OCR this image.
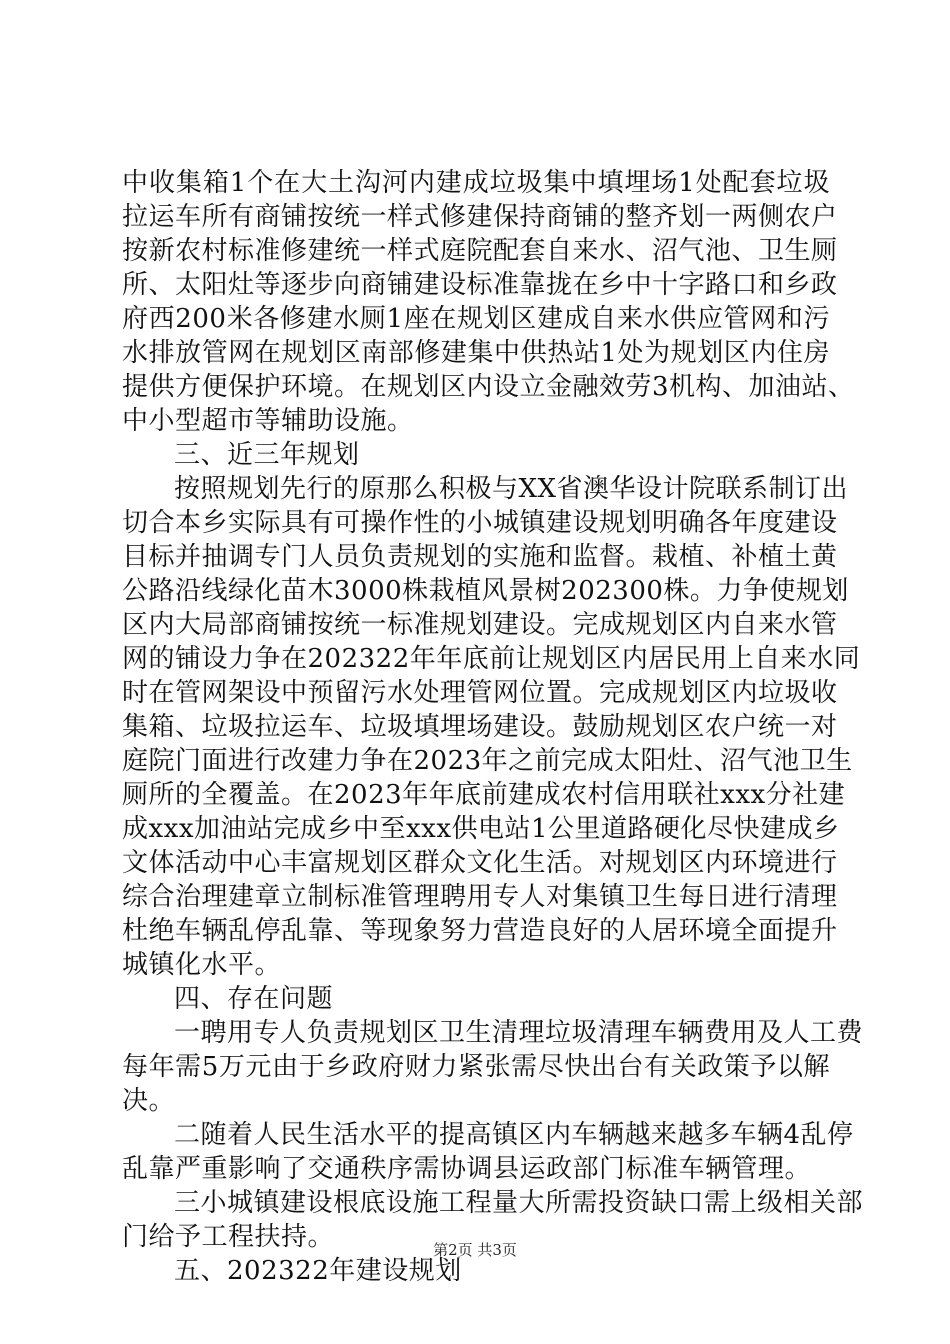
中收集箱1个在大土沟河内建成垃圾集中填埋场1处配套垃圾
拉运车所有商铺按统一样式修建保持商铺的整齐划一两侧农户
按新农村标准修建统一样式庭院配套自来水、沼气池、卫生厕
所、太阳灶等逐步向商铺建设标准靠拢在乡中十字路口和乡政
府西200米各修建水厕1座在规划区建成自来水供应管网和污
水排放管网在规划区南部修建集中供热站1处为规划区内住房
提供方便保护环境。在规划区内设立金融效劳3机构、加油站、
中小型超市等辅助设施。
三、近三年规划
按照规划先行的原那么积极与XX省澳华设计院联系制订出
切合本乡实际具有可操作性的小城镇建设规划明确各年度建设
目标并抽调专门人员负责规划的实施和监督。栽植、补植土黄
公路沿线绿化苗木3000株栽植风景树202300株。力争使规划
区内大局部商铺按统一标准规划建设。完成规划区内自来水管
网的铺设力争在202322年年底前让规划区内居民用上自来水同
时在管网架设中预留污水处理管网位置。完成规划区内垃圾收
集箱、垃圾拉运车、垃圾填埋场建设。鼓励规划区农户统一对
庭院门面进行改建力争在2023年之前完成太阳灶、沼气池卫生
厕所的全覆盖。在2023年年底前建成农村信用联社xxx分社建
成xxx加油站完成乡中至xxx供电站1公里道路硬化尽快建成乡
文体活动中心丰富规划区群众文化生活。对规划区内环境进行
综合治理建章立制标准管理聘用专人对集镇卫生每日进行清理
杜绝车辆乱停乱靠、等现象努力营造良好的人居环境全面提升
城镇化水平。
四、存在问题
一聘用专人负责规划区卫生清理垃圾清理车辆费用及人工费
每年需5万元由于乡政府财力紧张需尽快出台有关政策予以解
决。
二随着人民生活水平的提高镇区内车辆越来越多车辆4乱停
乱靠严重影响了交通秩序需协调县运政部门标准车辆管理。
三小城镇建设根底设施工程量大所需投资缺口需上级相关部
门给予工程扶持。
五、202322年建设规划
第2页 共3页
